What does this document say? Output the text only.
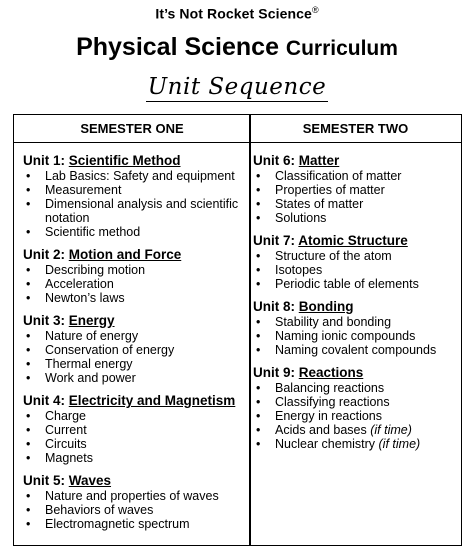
It’s Not Rocket Science®
Physical Science Curriculum
Unit Sequence
SEMESTER ONE	SEMESTER TWO
Unit 1: Scientific Method
• Lab Basics: Safety and equipment
• Measurement
• Dimensional analysis and scientific notation
• Scientific method
Unit 2: Motion and Force
• Describing motion
• Acceleration
• Newton’s laws
Unit 3: Energy
• Nature of energy
• Conservation of energy
• Thermal energy
• Work and power
Unit 4: Electricity and Magnetism
• Charge
• Current
• Circuits
• Magnets
Unit 5: Waves
• Nature and properties of waves
• Behaviors of waves
• Electromagnetic spectrum
Unit 6: Matter
• Classification of matter
• Properties of matter
• States of matter
• Solutions
Unit 7: Atomic Structure
• Structure of the atom
• Isotopes
• Periodic table of elements
Unit 8: Bonding
• Stability and bonding
• Naming ionic compounds
• Naming covalent compounds
Unit 9: Reactions
• Balancing reactions
• Classifying reactions
• Energy in reactions
• Acids and bases (if time)
• Nuclear chemistry (if time)
